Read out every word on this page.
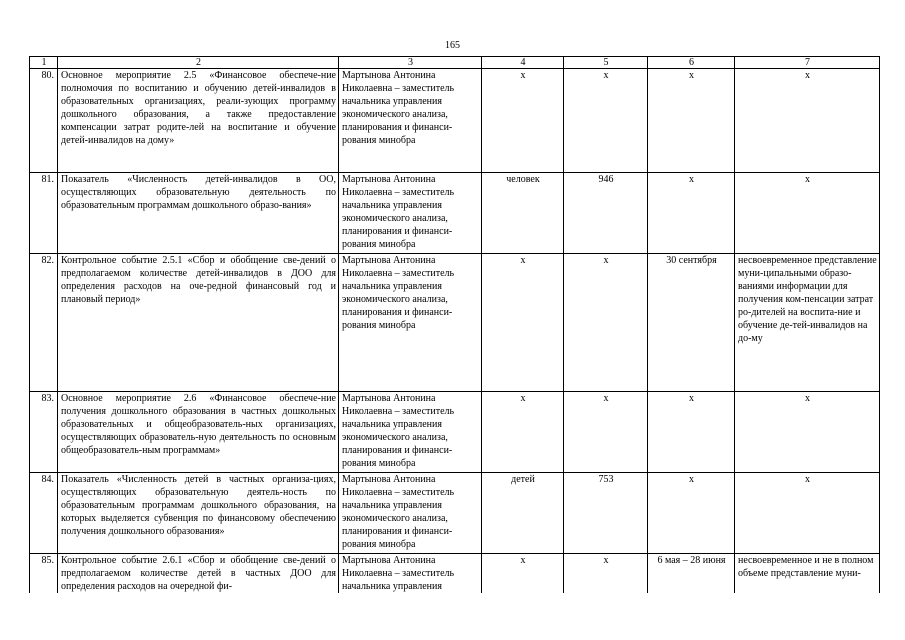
165
1	2	3	4	5	6	7
80.	Основное мероприятие 2.5 «Финансовое обеспече-ние полномочия по воспитанию и обучению детей-инвалидов в образовательных организациях, реали-зующих программу дошкольного образования, а также предоставление компенсации затрат родите-лей на воспитание и обучение детей-инвалидов на дому»	Мартынова Антонина Николаевна – заместитель начальника управления экономического анализа, планирования и финанси-рования минобра	x	x	x	x
81.	Показатель «Численность детей-инвалидов в ОО, осуществляющих образовательную деятельность по образовательным программам дошкольного образо-вания»	Мартынова Антонина Николаевна – заместитель начальника управления экономического анализа, планирования и финанси-рования минобра	человек	946	x	x
82.	Контрольное событие 2.5.1 «Сбор и обобщение све-дений о предполагаемом количестве детей-инвалидов в ДОО для определения расходов на оче-редной финансовый год и плановый период»	Мартынова Антонина Николаевна – заместитель начальника управления экономического анализа, планирования и финанси-рования минобра	x	x	30 сентября	несвоевременное представление муни-ципальными образо-ваниями информации для получения ком-пенсации затрат ро-дителей на воспита-ние и обучение де-тей-инвалидов на до-му
83.	Основное мероприятие 2.6 «Финансовое обеспече-ние получения дошкольного образования в частных дошкольных образовательных и общеобразователь-ных организациях, осуществляющих образователь-ную деятельность по основным общеобразователь-ным программам»	Мартынова Антонина Николаевна – заместитель начальника управления экономического анализа, планирования и финанси-рования минобра	x	x	x	x
84.	Показатель «Численность детей в частных организа-циях, осуществляющих образовательную деятель-ность по образовательным программам дошкольного образования, на которых выделяется субвенция по финансовому обеспечению получения дошкольного образования»	Мартынова Антонина Николаевна – заместитель начальника управления экономического анализа, планирования и финанси-рования минобра	детей	753	x	x
85.	Контрольное событие 2.6.1 «Сбор и обобщение све-дений о предполагаемом количестве детей в частных ДОО для определения расходов на очередной фи-	Мартынова Антонина Николаевна – заместитель начальника управления	x	x	6 мая – 28 июня	несвоевременное и не в полном объеме представление муни-
